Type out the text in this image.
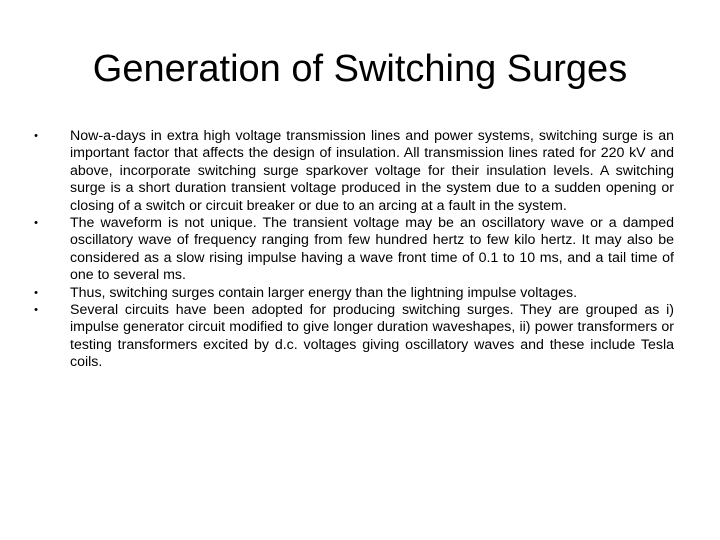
Generation of Switching Surges
• Now-a-days in extra high voltage transmission lines and power systems, switching surge is an important factor that affects the design of insulation. All transmission lines rated for 220 kV and above, incorporate switching surge sparkover voltage for their insulation levels. A switching surge is a short duration transient voltage produced in the system due to a sudden opening or closing of a switch or circuit breaker or due to an arcing at a fault in the system.
• The waveform is not unique. The transient voltage may be an oscillatory wave or a damped oscillatory wave of frequency ranging from few hundred hertz to few kilo hertz. It may also be considered as a slow rising impulse having a wave front time of 0.1 to 10 ms, and a tail time of one to several ms.
• Thus, switching surges contain larger energy than the lightning impulse voltages.
• Several circuits have been adopted for producing switching surges. They are grouped as i) impulse generator circuit modified to give longer duration waveshapes, ii) power transformers or testing transformers excited by d.c. voltages giving oscillatory waves and these include Tesla coils.
